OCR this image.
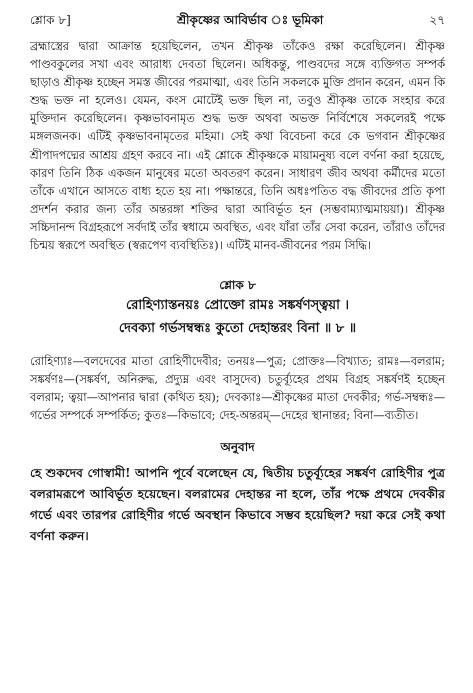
শ্লোক ৮]	শ্রীকৃষ্ণের আবির্ভাব ঃ ভূমিকা	২৭
ব্রহ্মাস্ত্রের দ্বারা আক্রান্ত হয়েছিলেন, তখন শ্রীকৃষ্ণ তাঁকেও রক্ষা করেছিলেন। শ্রীকৃষ্ণ পাণ্ডবকুলের সখা এবং আরাধ্য দেবতা ছিলেন। অধিকন্তু, পাণ্ডবদের সঙ্গে ব্যক্তিগত সম্পর্ক ছাড়াও শ্রীকৃষ্ণ হচ্ছেন সমস্ত জীবের পরমাত্মা, এবং তিনি সকলকে মুক্তি প্রদান করেন, এমন কি শুদ্ধ ভক্ত না হলেও। যেমন, কংস মোটেই ভক্ত ছিল না, তবুও শ্রীকৃষ্ণ তাকে সংহার করে মুক্তিদান করেছিলেন। কৃষ্ণভাবনামৃত শুদ্ধ ভক্ত অথবা অভক্ত নির্বিশেষে সকলেরই পক্ষে মঙ্গলজনক। এটিই কৃষ্ণভাবনামৃতের মহিমা। সেই কথা বিবেচনা করে কে ভগবান শ্রীকৃষ্ণের শ্রীপাদপদ্মের আশ্রয় গ্রহণ করবে না। এই শ্লোকে শ্রীকৃষ্ণকে মায়ামনুষ্য বলে বর্ণনা করা হয়েছে, কারণ তিনি ঠিক একজন মানুষের মতো অবতরণ করেন। সাধারণ জীব অথবা কর্মীদের মতো তাঁকে এখানে আসতে বাধ্য হতে হয় না। পক্ষান্তরে, তিনি অধঃপতিত বদ্ধ জীবদের প্রতি কৃপা প্রদর্শন করার জন্য তাঁর অন্তরঙ্গা শক্তির দ্বারা আবির্ভূত হন (সম্ভবাম্যাত্মমায়য়া)। শ্রীকৃষ্ণ সচ্চিদানন্দ বিগ্রহরূপে সর্বদাই তাঁর স্বধামে অবস্থিত, এবং যাঁরা তাঁর সেবা করেন, তাঁরাও তাঁদের চিন্ময় স্বরূপে অবস্থিত (স্বরূপেণ ব্যবস্থিতিঃ)। এটিই মানব-জীবনের পরম সিদ্ধি।
শ্লোক ৮
রোহিণ্যাস্তনয়ঃ প্রোক্তো রামঃ সঙ্কর্ষণস্ত্বয়া ।
দেবক্যা গর্ভসম্বন্ধঃ কুতো দেহান্তরং বিনা ॥ ৮ ॥
রোহিণ্যাঃ—বলদেবের মাতা রোহিণীদেবীর; তনয়ঃ—পুত্র; প্রোক্তঃ—বিখ্যাত; রামঃ—বলরাম; সঙ্কর্ষণঃ—(সঙ্কর্ষণ, অনিরুদ্ধ, প্রদ্যুম্ন এবং বাসুদেব) চতুর্ব্যূহের প্রথম বিগ্রহ সঙ্কর্ষণই হচ্ছেন বলরাম; ত্বয়া—আপনার দ্বারা (কথিত হয়); দেবক্যাঃ—শ্রীকৃষ্ণের মাতা দেবকীর; গর্ভ-সম্বন্ধঃ—গর্ভের সম্পর্কে সম্পর্কিত; কুতঃ—কিভাবে; দেহ-অন্তরম্—দেহের স্থানান্তর; বিনা—ব্যতীত।
অনুবাদ
হে শুকদেব গোস্বামী! আপনি পূর্বে বলেছেন যে, দ্বিতীয় চতুর্ব্যূহের সঙ্কর্ষণ রোহিণীর পুত্র বলরামরূপে আবির্ভূত হয়েছেন। বলরামের দেহান্তর না হলে, তাঁর পক্ষে প্রথমে দেবকীর গর্ভে এবং তারপর রোহিণীর গর্ভে অবস্থান কিভাবে সম্ভব হয়েছিল? দয়া করে সেই কথা বর্ণনা করুন।
